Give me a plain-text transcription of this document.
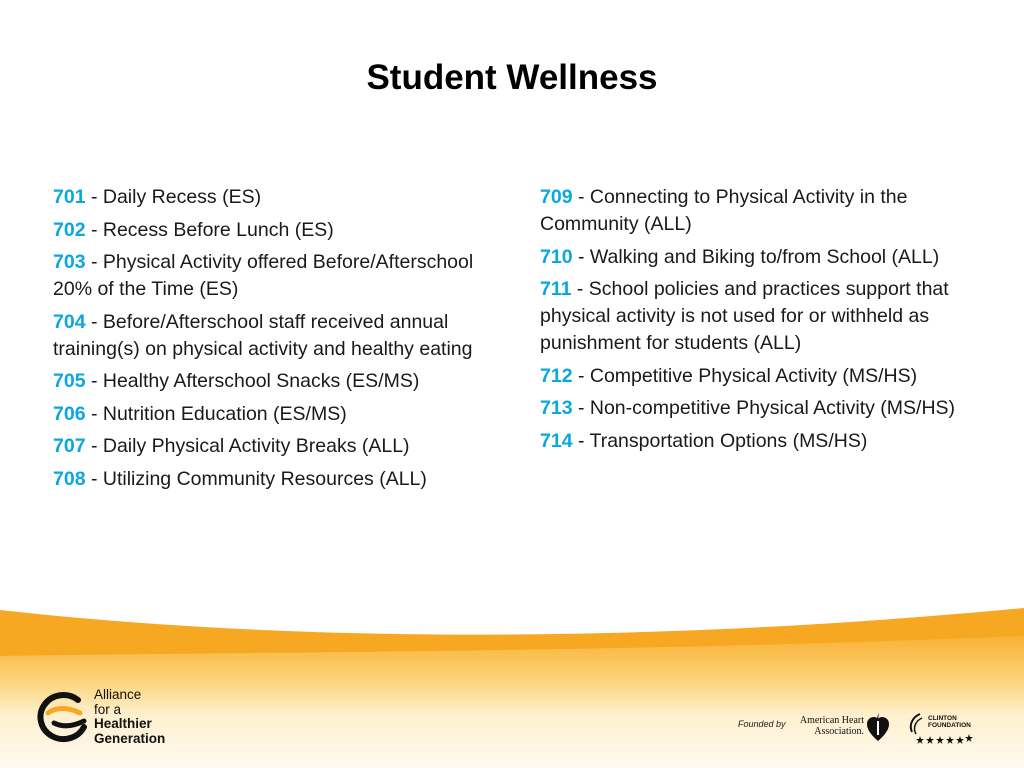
Student Wellness
701 - Daily Recess (ES)
702 - Recess Before Lunch (ES)
703 - Physical Activity offered Before/Afterschool 20% of the Time (ES)
704 - Before/Afterschool staff received annual training(s) on physical activity and healthy eating
705 - Healthy Afterschool Snacks (ES/MS)
706 - Nutrition Education (ES/MS)
707 - Daily Physical Activity Breaks (ALL)
708 - Utilizing Community Resources (ALL)
709 - Connecting to Physical Activity in the Community (ALL)
710 - Walking and Biking to/from School (ALL)
711 - School policies and practices support that physical activity is not used for or withheld as punishment for students (ALL)
712 - Competitive Physical Activity (MS/HS)
713 - Non-competitive Physical Activity (MS/HS)
714 - Transportation Options (MS/HS)
Alliance
for a
Healthier
Generation
Founded by	American Heart
Association.
CLINTON
FOUNDATION
